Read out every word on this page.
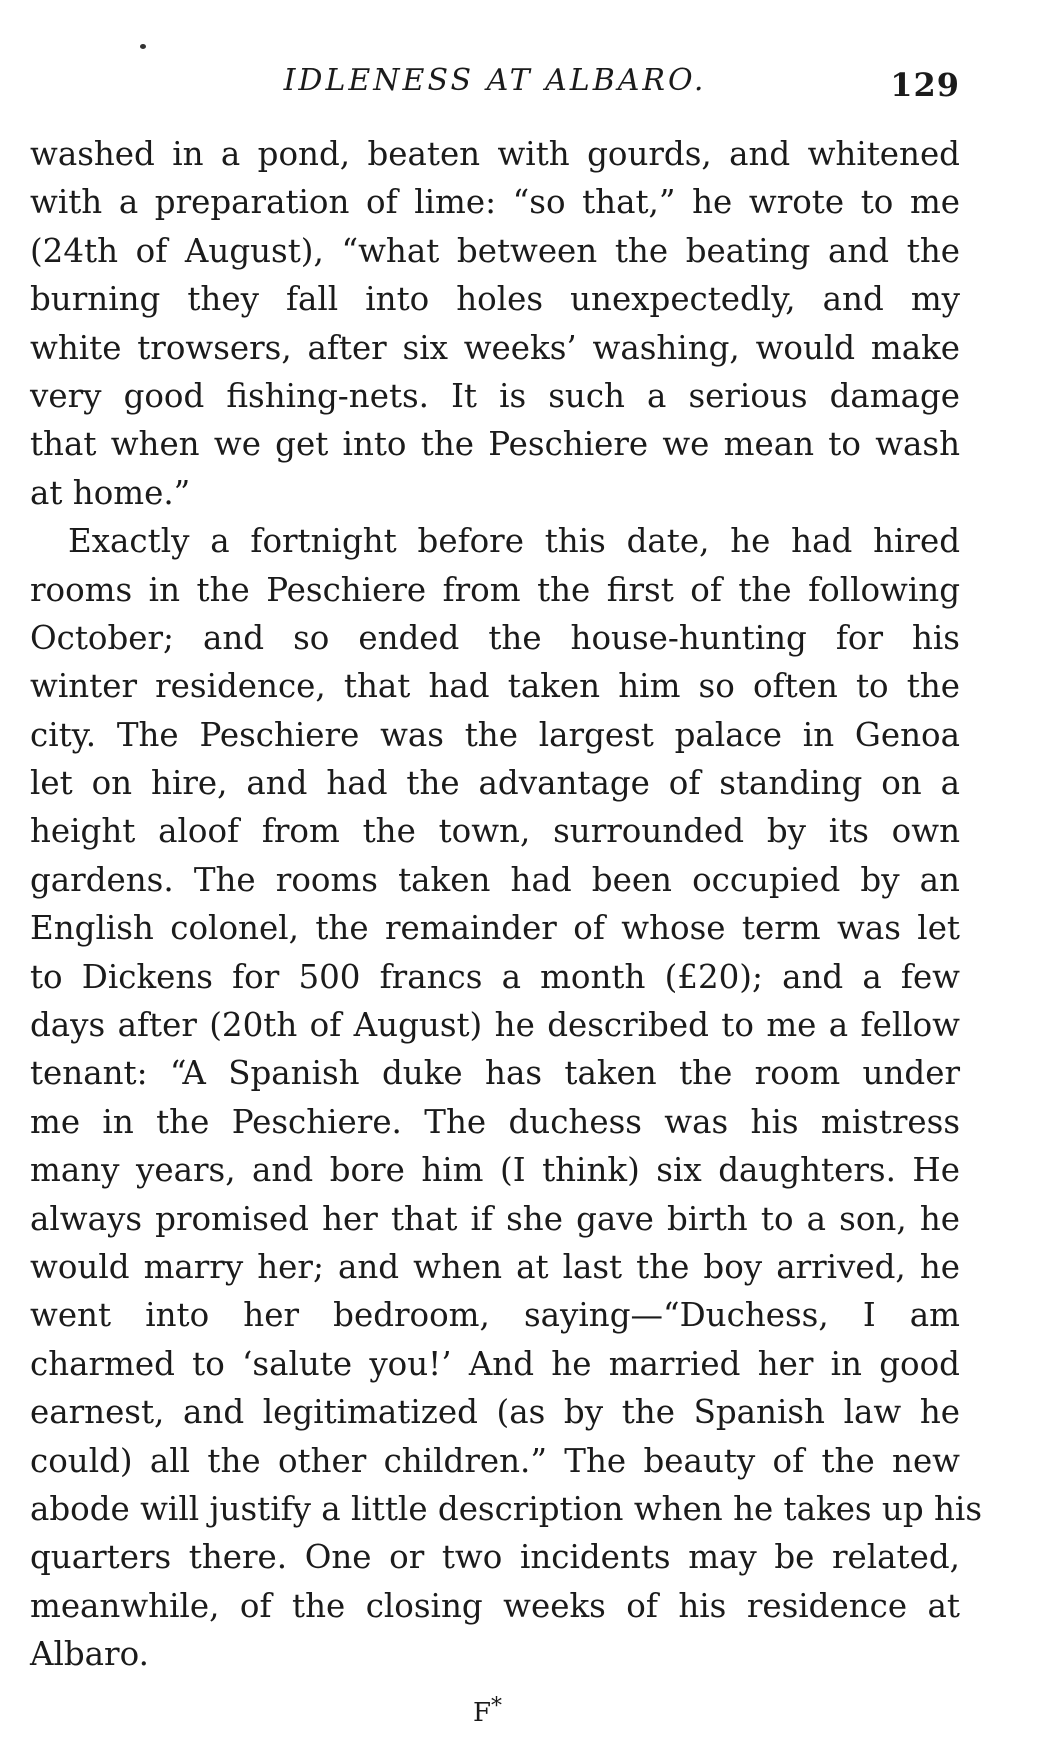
IDLENESS AT ALBARO.	129
washed in a pond, beaten with gourds, and whitened
with a preparation of lime: “so that,” he wrote to me
(24th of August), “what between the beating and the
burning they fall into holes unexpectedly, and my
white trowsers, after six weeks’ washing, would make
very good fishing-nets. It is such a serious damage
that when we get into the Peschiere we mean to wash
at home.”
Exactly a fortnight before this date, he had hired
rooms in the Peschiere from the first of the following
October; and so ended the house-hunting for his
winter residence, that had taken him so often to the
city. The Peschiere was the largest palace in Genoa
let on hire, and had the advantage of standing on a
height aloof from the town, surrounded by its own
gardens. The rooms taken had been occupied by an
English colonel, the remainder of whose term was let
to Dickens for 500 francs a month (£20); and a few
days after (20th of August) he described to me a fellow
tenant: “A Spanish duke has taken the room under
me in the Peschiere. The duchess was his mistress
many years, and bore him (I think) six daughters. He
always promised her that if she gave birth to a son, he
would marry her; and when at last the boy arrived, he
went into her bedroom, saying—“Duchess, I am
charmed to ‘salute you!’ And he married her in good
earnest, and legitimatized (as by the Spanish law he
could) all the other children.” The beauty of the new
abode will justify a little description when he takes up his
quarters there. One or two incidents may be related,
meanwhile, of the closing weeks of his residence at
Albaro.
F*
